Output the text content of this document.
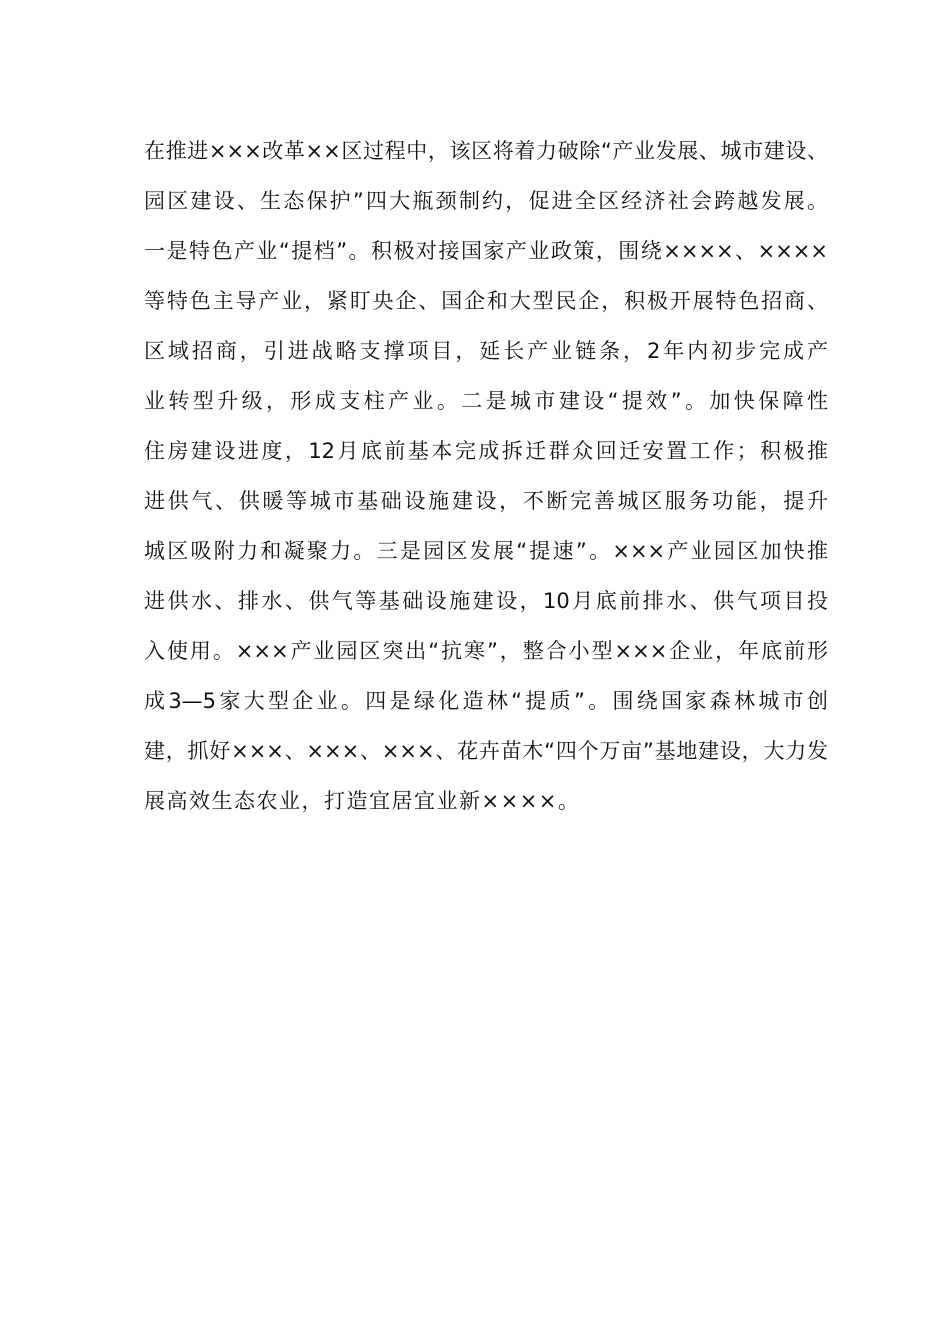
在推进×××改革××区过程中，该区将着力破除“产业发展、城市建设、
园区建设、生态保护”四大瓶颈制约，促进全区经济社会跨越发展。
一是特色产业“提档”。积极对接国家产业政策，围绕××××、××××
等特色主导产业，紧盯央企、国企和大型民企，积极开展特色招商、
区域招商，引进战略支撑项目，延长产业链条，2年内初步完成产
业转型升级，形成支柱产业。二是城市建设“提效”。加快保障性
住房建设进度，12月底前基本完成拆迁群众回迁安置工作；积极推
进供气、供暖等城市基础设施建设，不断完善城区服务功能，提升
城区吸附力和凝聚力。三是园区发展“提速”。×××产业园区加快推
进供水、排水、供气等基础设施建设，10月底前排水、供气项目投
入使用。×××产业园区突出“抗寒”，整合小型×××企业，年底前形
成3—5家大型企业。四是绿化造林“提质”。围绕国家森林城市创
建，抓好×××、×××、×××、花卉苗木“四个万亩”基地建设，大力发
展高效生态农业，打造宜居宜业新××××。
